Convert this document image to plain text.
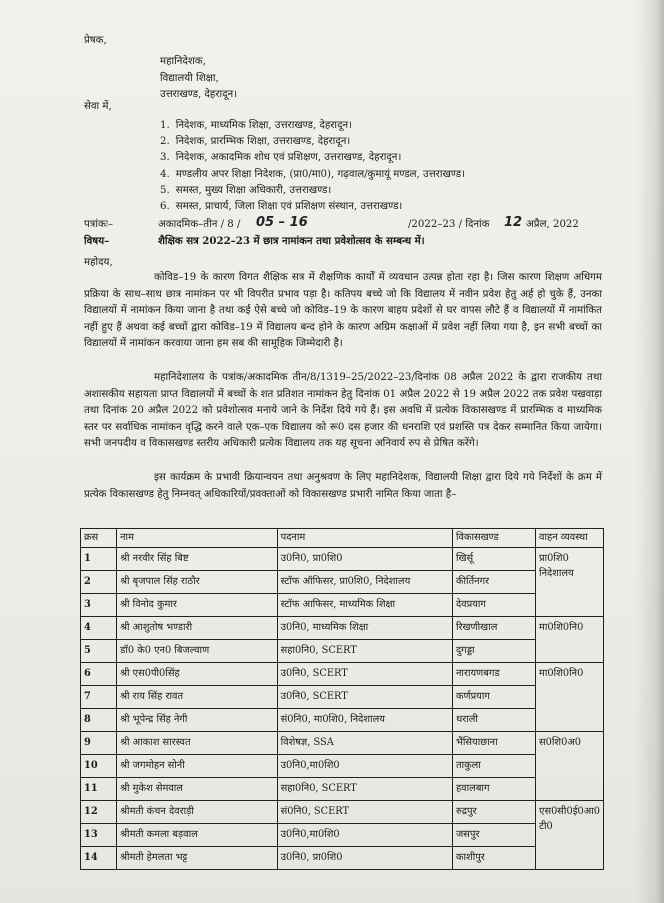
प्रेषक,
महानिदेशक,
विद्यालयी शिक्षा,
उत्तराखण्ड, देहरादून।
सेवा में,
1. निदेशक, माध्यमिक शिक्षा, उत्तराखण्ड, देहरादून।
2. निदेशक, प्रारम्भिक शिक्षा, उत्तराखण्ड, देहरादून।
3. निदेशक, अकादमिक शोध एवं प्रशिक्षण, उत्तराखण्ड, देहरादून।
4. मण्डलीय अपर शिक्षा निदेशक, (प्रा0/मा0), गढ़वाल/कुमायूं मण्डल, उत्तराखण्ड।
5. समस्त, मुख्य शिक्षा अधिकारी, उत्तराखण्ड।
6. समस्त, प्राचार्य, जिला शिक्षा एवं प्रशिक्षण संस्थान, उत्तराखण्ड।
पत्रांकः–	अकादमिक–तीन / 8 / 05 – 16	/2022–23 / दिनांक 12 अप्रैल, 2022
विषय–	शैक्षिक सत्र 2022–23 में छात्र नामांकन तथा प्रवेशोत्सव के सम्बन्ध में।
महोदय,
कोविड–19 के कारण विगत शैक्षिक सत्र में शैक्षणिक कार्यों में व्यवधान उत्पन्न होता रहा है। जिस कारण शिक्षण अधिगम प्रक्रिया के साथ–साथ छात्र नामांकन पर भी विपरीत प्रभाव पड़ा है। कतिपय बच्चे जो कि विद्यालय में नवीन प्रवेश हेतु अर्ह हो चुके हैं, उनका विद्यालयों में नामांकन किया जाना है तथा कई ऐसे बच्चे जो कोविड–19 के कारण बाहय प्रदेशों से घर वापस लौटे हैं व विद्यालयों में नामांकित नहीं हुए हैं अथवा कई बच्चों द्वारा कोविड–19 में विद्यालय बन्द होने के कारण अग्रिम कक्षाओं में प्रवेश नहीं लिया गया है, इन सभी बच्चों का विद्यालयों में नामांकन करवाया जाना हम सब की सामूहिक जिम्मेदारी है।
महानिदेशालय के पत्रांक/अकादमिक तीन/8/1319–25/2022–23/दिनांक 08 अप्रैल 2022 के द्वारा राजकीय तथा अशासकीय सहायता प्राप्त विद्यालयों में बच्चों के शत प्रतिशत नामांकन हेतु दिनांक 01 अप्रैल 2022 से 19 अप्रैल 2022 तक प्रवेश पखवाड़ा तथा दिनांक 20 अप्रैल 2022 को प्रवेशोत्सव मनाये जाने के निर्देश दिये गये हैं। इस अवधि में प्रत्येक विकासखण्ड में प्रारम्भिक व माध्यमिक स्तर पर सर्वाधिक नामांकन वृद्धि करने वाले एक–एक विद्यालय को रू0 दस हजार की धनराशि एवं प्रशस्ति पत्र देकर सम्मानित किया जायेगा। सभी जनपदीय व विकासखण्ड स्तरीय अधिकारी प्रत्येक विद्यालय तक यह सूचना अनिवार्य रुप से प्रेषित करेंगे।
इस कार्यक्रम के प्रभावी क्रियान्वयन तथा अनुश्रवण के लिए महानिदेशक, विद्यालयी शिक्षा द्वारा दिये गये निर्देशों के क्रम में प्रत्येक विकासखण्ड हेतु निम्नवत् अधिकारियों/प्रवक्ताओं को विकासखण्ड प्रभारी नामित किया जाता है–
क्रस	नाम	पदनाम	विकासखण्ड	वाहन व्यवस्था
1	श्री नरवीर सिंह बिष्ट	उ0नि0, प्रा0शि0	खिर्सू	प्रा0शि0 निदेशालय
2	श्री बृजपाल सिंह राठौर	स्टॉफ ऑफिसर, प्रा0शि0, निदेशालय	कीर्तिनगर	
3	श्री विनोद कुमार	स्टॉफ आफिसर, माध्यमिक शिक्षा	देवप्रयाग	
4	श्री आशुतोष भण्डारी	उ0नि0, माध्यमिक शिक्षा	रिखणीखाल	मा0शि0नि0
5	डॉ0 के0 एन0 बिजल्वाण	सहा0नि0, SCERT	दुगड्डा	
6	श्री एस0पी0सिंह	उ0नि0, SCERT	नारायणबगड	मा0शि0नि0
7	श्री राय सिंह रावत	उ0नि0, SCERT	कर्णप्रयाग	
8	श्री भूपेन्द्र सिंह नेगी	सं0नि0, मा0शि0, निदेशालय	थराली	
9	श्री आकाश सारस्वत	विशेषज्ञ, SSA	भैंसियाछाना	स0शि0अ0
10	श्री जगमोहन सोनी	उ0नि0,मा0शि0	ताकुला	
11	श्री मुकेश सेमवाल	सहा0नि0, SCERT	हवालबाग	
12	श्रीमती कंचन देवराड़ी	सं0नि0, SCERT	रुद्रपुर	एस0सी0ई0आ0 टी0
13	श्रीमती कमला बड़वाल	उ0नि0,मा0शि0	जसपुर	
14	श्रीमती हेमलता भट्ट	उ0नि0, प्रा0शि0	काशीपुर	
